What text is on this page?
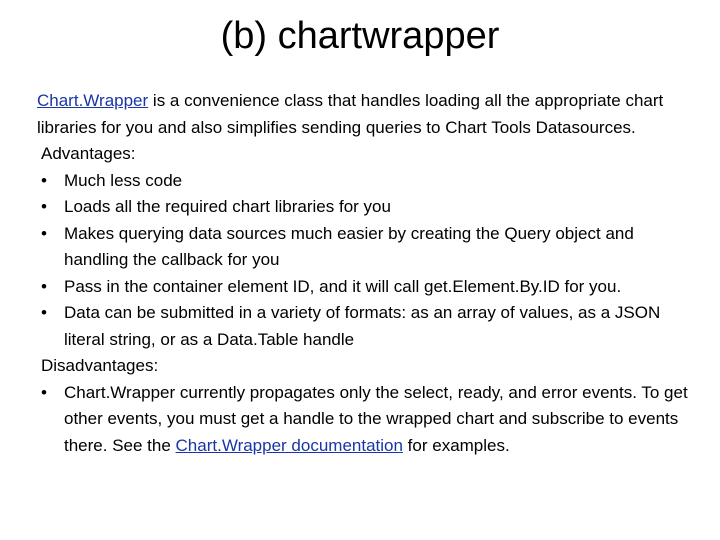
(b) chartwrapper

Chart.Wrapper is a convenience class that handles loading all the appropriate chart libraries for you and also simplifies sending queries to Chart Tools Datasources.

Advantages:
• Much less code
• Loads all the required chart libraries for you
• Makes querying data sources much easier by creating the Query object and handling the callback for you
• Pass in the container element ID, and it will call get.Element.By.ID for you.
• Data can be submitted in a variety of formats: as an array of values, as a JSON literal string, or as a Data.Table handle
Disadvantages:
• Chart.Wrapper currently propagates only the select, ready, and error events. To get other events, you must get a handle to the wrapped chart and subscribe to events there. See the Chart.Wrapper documentation for examples.
